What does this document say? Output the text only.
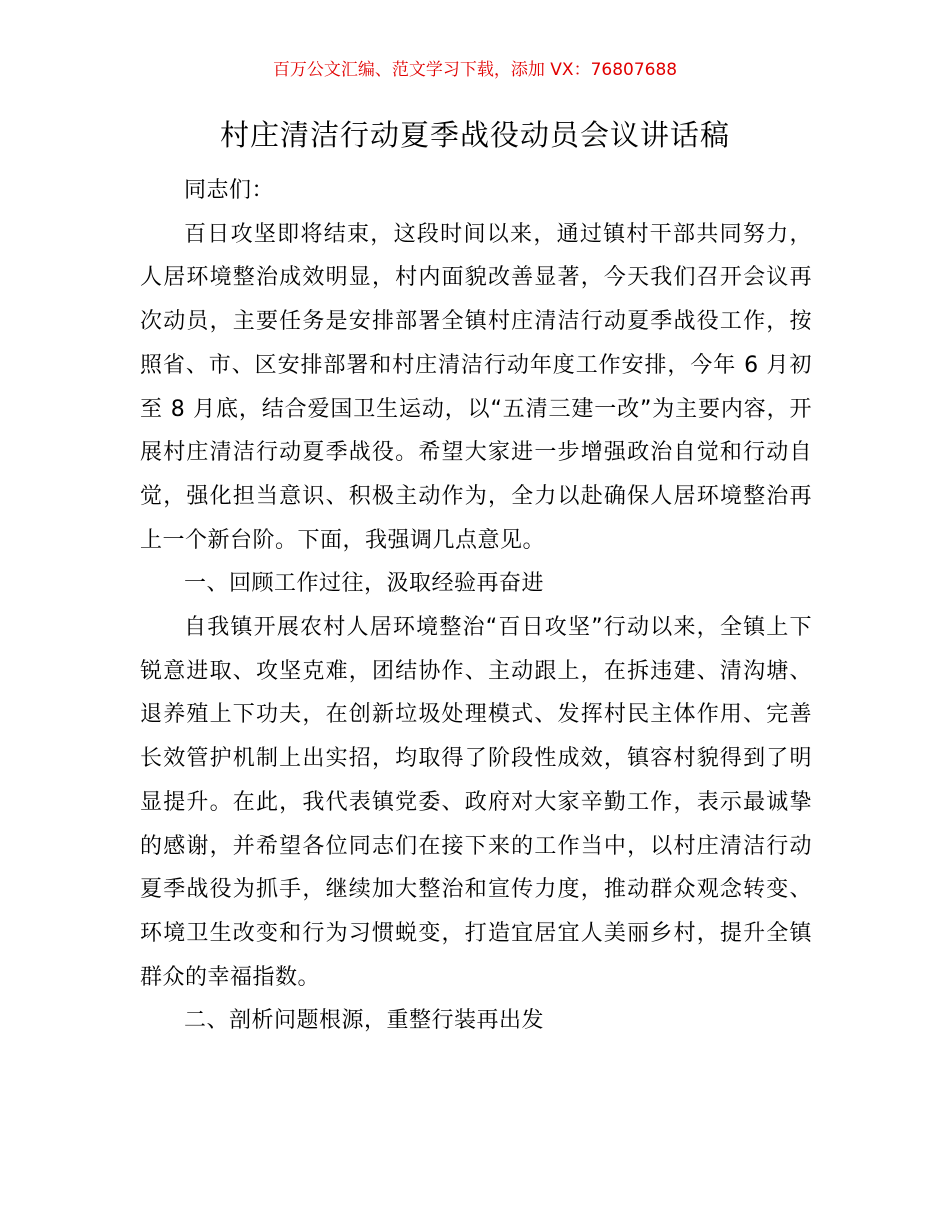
百万公文汇编、范文学习下载，添加 VX：76807688
村庄清洁行动夏季战役动员会议讲话稿

同志们：

百日攻坚即将结束，这段时间以来，通过镇村干部共同努力，人居环境整治成效明显，村内面貌改善显著，今天我们召开会议再次动员，主要任务是安排部署全镇村庄清洁行动夏季战役工作，按照省、市、区安排部署和村庄清洁行动年度工作安排，今年 6 月初至 8 月底，结合爱国卫生运动，以“五清三建一改”为主要内容，开展村庄清洁行动夏季战役。希望大家进一步增强政治自觉和行动自觉，强化担当意识、积极主动作为，全力以赴确保人居环境整治再上一个新台阶。下面，我强调几点意见。

一、回顾工作过往，汲取经验再奋进

自我镇开展农村人居环境整治“百日攻坚”行动以来，全镇上下锐意进取、攻坚克难，团结协作、主动跟上，在拆违建、清沟塘、退养殖上下功夫，在创新垃圾处理模式、发挥村民主体作用、完善长效管护机制上出实招，均取得了阶段性成效，镇容村貌得到了明显提升。在此，我代表镇党委、政府对大家辛勤工作，表示最诚挚的感谢，并希望各位同志们在接下来的工作当中，以村庄清洁行动夏季战役为抓手，继续加大整治和宣传力度，推动群众观念转变、环境卫生改变和行为习惯蜕变，打造宜居宜人美丽乡村，提升全镇群众的幸福指数。

二、剖析问题根源，重整行装再出发
